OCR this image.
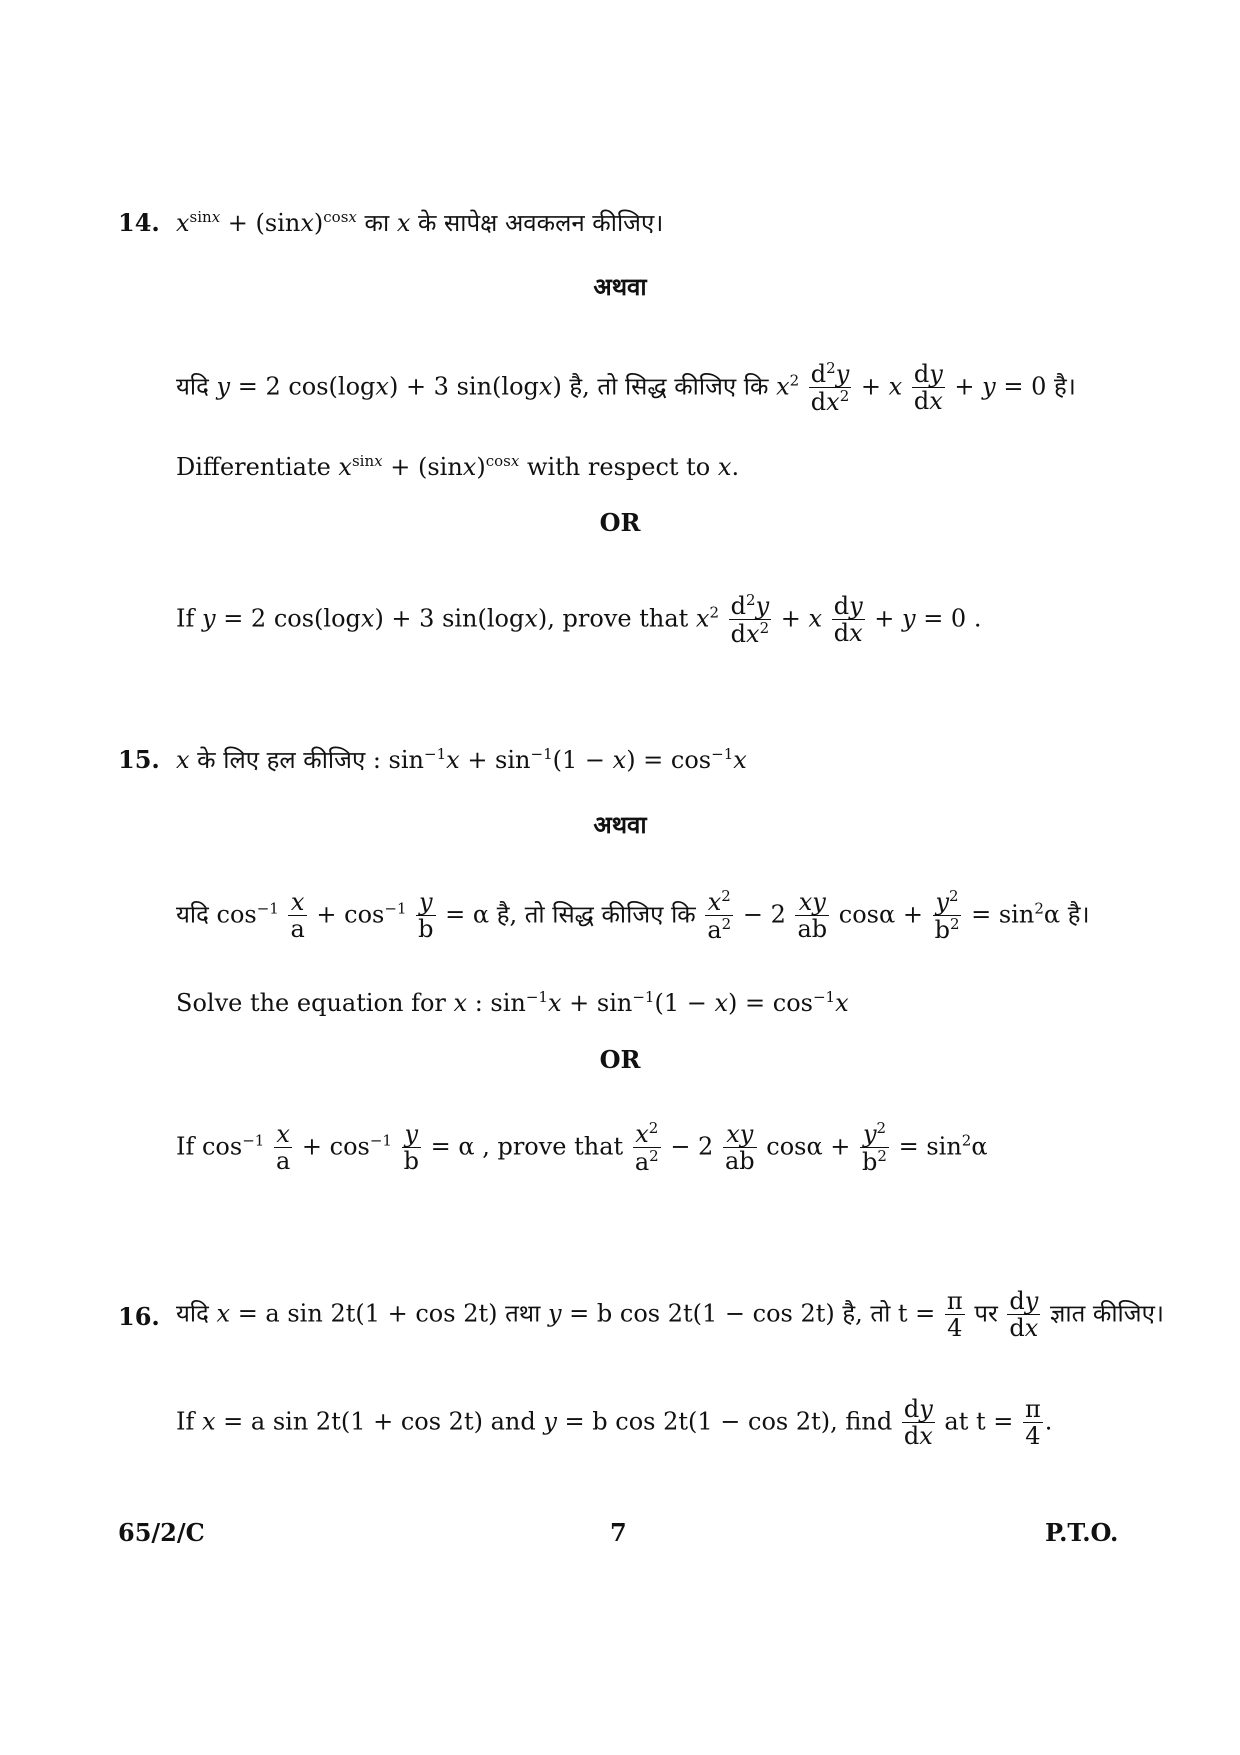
14. $x^{sinx} + (\sin x)^{cosx}$ का x के सापेक्ष अवकलन कीजिए।
अथवा
यदि y = 2 cos(logx) + 3 sin(logx) है, तो सिद्ध कीजिए कि $x^2 \frac{d^2y}{dx^2} + x \frac{dy}{dx} + y = 0$ है।
Differentiate $x^{sinx} + (\sin x)^{cosx}$ with respect to x.
OR
If y = 2 cos(logx) + 3 sin(logx), prove that $x^2 \frac{d^2y}{dx^2} + x \frac{dy}{dx} + y = 0$ .
15. x के लिए हल कीजिए : $\sin^{-1}x + \sin^{-1}(1 - x) = \cos^{-1}x$
अथवा
यदि $\cos^{-1} \frac{x}{a} + \cos^{-1} \frac{y}{b} = \alpha$ है, तो सिद्ध कीजिए कि $\frac{x^2}{a^2} - 2 \frac{xy}{ab}$ $\cos\alpha + \frac{y^2}{b^2} = \sin^2\alpha$ है।
Solve the equation for x : $\sin^{-1}x + \sin^{-1}(1 - x) = \cos^{-1}x$
OR
If $\cos^{-1} \frac{x}{a} + \cos^{-1} \frac{y}{b} = \alpha$ , prove that $\frac{x^2}{a^2} - 2 \frac{xy}{ab}$ $\cos\alpha + \frac{y^2}{b^2} = \sin^2\alpha$
16. यदि x = a sin 2t(1 + cos 2t) तथा y = b cos 2t(1 − cos 2t) है, तो $t = \frac{\pi}{4}$ पर $\frac{dy}{dx}$ ज्ञात कीजिए।
If x = a sin 2t(1 + cos 2t) and y = b cos 2t(1 − cos 2t), find $\frac{dy}{dx}$ at $t = \frac{\pi}{4}$ .
65/2/C	7	P.T.O.
